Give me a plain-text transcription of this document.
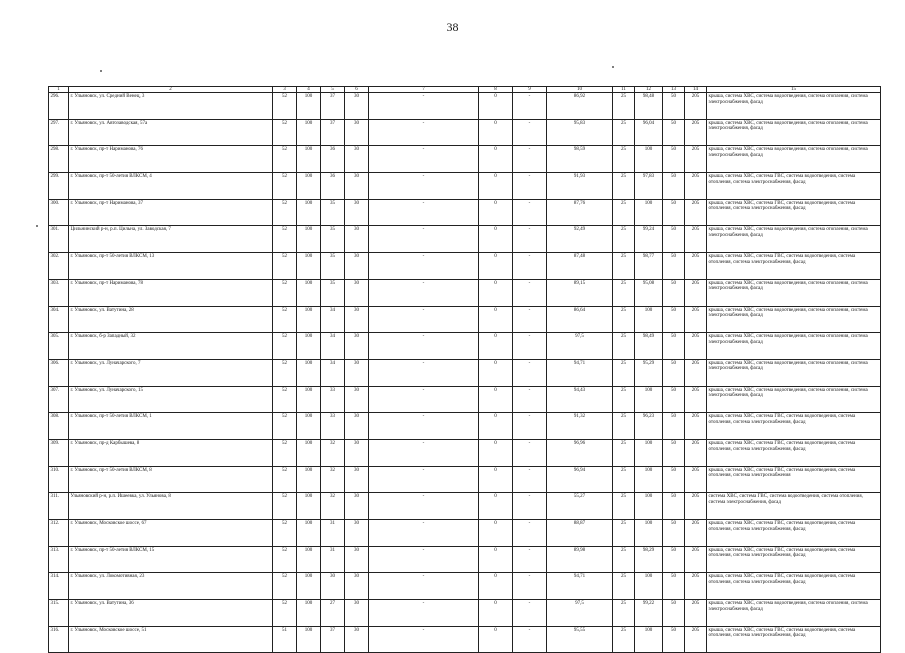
38
1	2	3	4	5	6	7	8	9	10	11	12	13	14	15
296.	г. Ульяновск, ул. Средний Венец, 3	52	100	37	30	-	0	-	86,92	25	98,48	50	205	крыша, система ХВС, система водоотведения, система отопления, система электроснабжения, фасад
297.	г. Ульяновск, ул. Автозаводская, 57а	52	100	37	30	-	0	-	95,83	25	96,04	50	205	крыша, система ХВС, система водоотведения, система отопления, система электроснабжения, фасад
298.	г. Ульяновск, пр-т Нариманова, 76	52	100	36	30	-	0	-	98,59	25	100	50	205	крыша, система ХВС, система водоотведения, система отопления, система электроснабжения, фасад
299.	г. Ульяновск, пр-т 50-летия ВЛКСМ, 4	52	100	36	30	-	0	-	91,93	25	97,83	50	205	крыша, система ХВС, система ГВС, система водоотведения, система отопления, система электроснабжения, фасад
300.	г. Ульяновск, пр-т Нариманова, 37	52	100	35	30	-	0	-	87,76	25	100	50	205	крыша, система ХВС, система ГВС, система водоотведения, система отопления, система электроснабжения, фасад
301.	Цильнинский р-н, р.п. Цильна, ул. Заводская, 7	52	100	35	30	-	0	-	92,49	25	99,24	50	205	крыша, система ХВС, система водоотведения, система отопления, система электроснабжения, фасад
302.	г. Ульяновск, пр-т 50-летия ВЛКСМ, 13	52	100	35	30	-	0	-	87,48	25	98,77	50	205	крыша, система ХВС, система ГВС, система водоотведения, система отопления, система электроснабжения, фасад
303.	г. Ульяновск, пр-т Нариманова, 78	52	100	35	30	-	0	-	89,15	25	95,08	50	205	крыша, система ХВС, система водоотведения, система отопления, система электроснабжения, фасад
304.	г. Ульяновск, ул. Ватутина, 28	52	100	34	30	-	0	-	86,64	25	100	50	205	крыша, система ХВС, система водоотведения, система отопления, система электроснабжения, фасад
305.	г. Ульяновск, б-р Западный, 32	52	100	34	30	-	0	-	97,5	25	98,49	50	205	крыша, система ХВС, система водоотведения, система отопления, система электроснабжения, фасад
306.	г. Ульяновск, ул. Луначарского, 7	52	100	34	30	-	0	-	94,71	25	95,29	50	205	крыша, система ХВС, система водоотведения, система отопления, система электроснабжения, фасад
307.	г. Ульяновск, ул. Луначарского, 15	52	100	33	30	-	0	-	94,43	25	100	50	205	крыша, система ХВС, система водоотведения, система отопления, система электроснабжения, фасад
308.	г. Ульяновск, пр-т 50-летия ВЛКСМ, 1	52	100	33	30	-	0	-	91,32	25	96,23	50	205	крыша, система ХВС, система ГВС, система водоотведения, система отопления, система электроснабжения, фасад
309.	г. Ульяновск, пр-д Карбышева, 8	52	100	32	30	-	0	-	96,96	25	100	50	205	крыша, система ХВС, система ГВС, система водоотведения, система отопления, система электроснабжения, фасад
310.	г. Ульяновск, пр-т 50-летия ВЛКСМ, 8	52	100	32	30	-	0	-	96,94	25	100	50	205	крыша, система ХВС, система ГВС, система водоотведения, система отопления, система электроснабжения
311.	Ульяновский р-н, р.п. Ишеевка, ул. Ульянова, 8	52	100	32	30	-	0	-	55,27	25	100	50	205	система ХВС, система ГВС, система водоотведения, система отопления, система электроснабжения, фасад
312.	г. Ульяновск, Московское шоссе, 67	52	100	31	30	-	0	-	88,87	25	100	50	205	крыша, система ХВС, система ГВС, система водоотведения, система отопления, система электроснабжения, фасад
313.	г. Ульяновск, пр-т 50-летия ВЛКСМ, 15	52	100	31	30	-	0	-	89,98	25	98,29	50	205	крыша, система ХВС, система ГВС, система водоотведения, система отопления, система электроснабжения, фасад
314.	г. Ульяновск, ул. Локомотивная, 23	52	100	30	30	-	0	-	94,71	25	100	50	205	крыша, система ХВС, система ГВС, система водоотведения, система отопления, система электроснабжения, фасад
315.	г. Ульяновск, ул. Ватутина, 36	52	100	27	30	-	0	-	97,5	25	99,22	50	205	крыша, система ХВС, система водоотведения, система отопления, система электроснабжения, фасад
316.	г. Ульяновск, Московское шоссе, 51	51	100	37	30	-	0	-	95,55	25	100	50	205	крыша, система ХВС, система ГВС, система водоотведения, система отопления, система электроснабжения, фасад
